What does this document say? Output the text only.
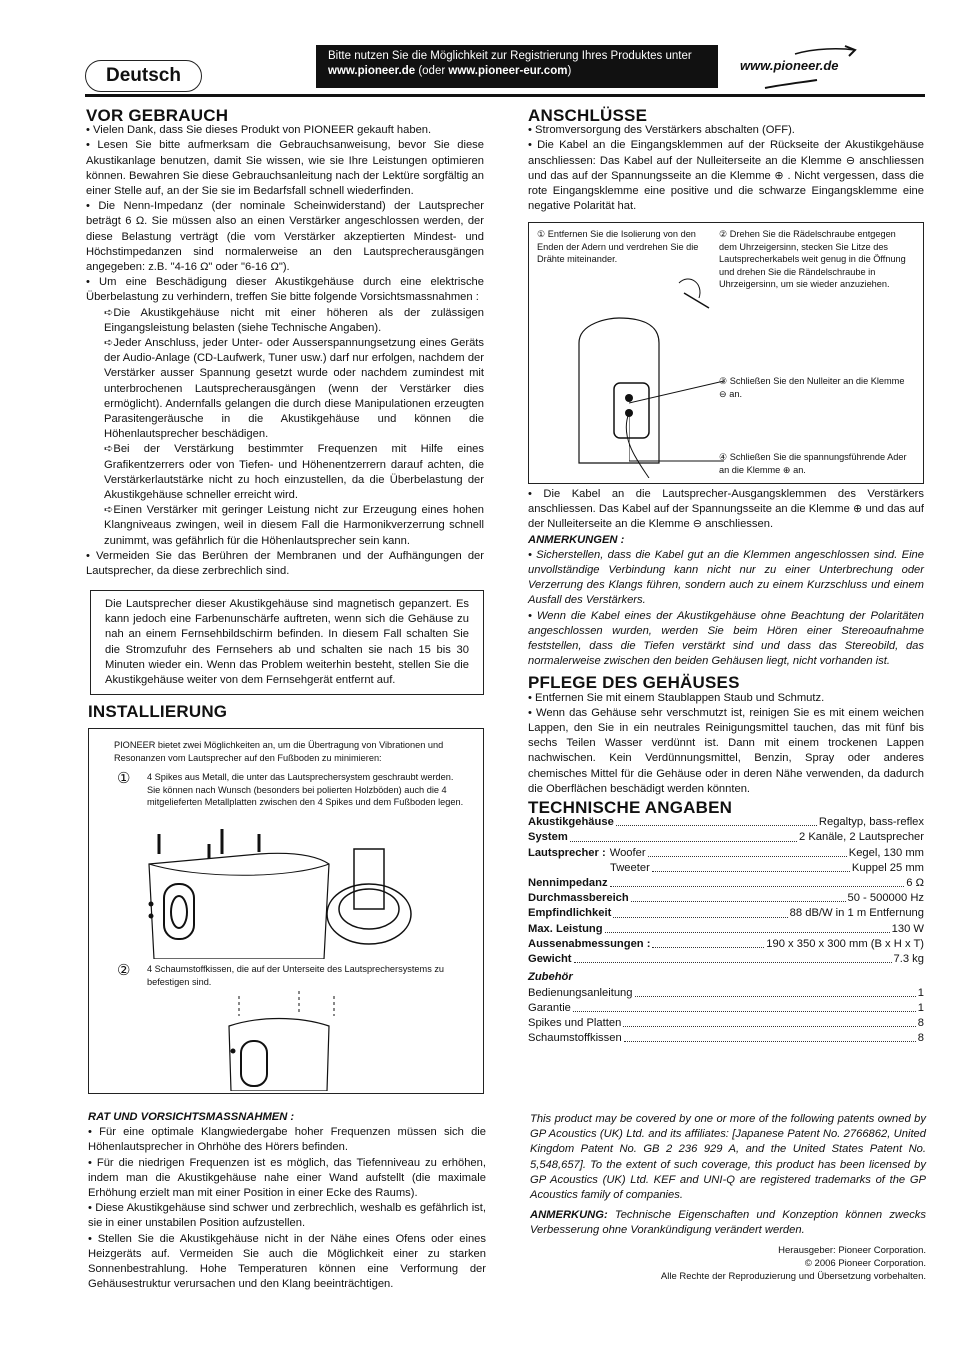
Deutsch
Bitte nutzen Sie die Möglichkeit zur Registrierung Ihres Produktes unter
www.pioneer.de (oder www.pioneer-eur.com)	www.pioneer.de
VOR GEBRAUCH

• Vielen Dank, dass Sie dieses Produkt von PIONEER gekauft haben.

• Lesen Sie bitte aufmerksam die Gebrauchsanweisung, bevor Sie diese Akustikanlage benutzen, damit Sie wissen, wie sie Ihre Leistungen optimieren können. Bewahren Sie diese Gebrauchsanleitung nach der Lektüre sorgfältig an einer Stelle auf, an der Sie sie im Bedarfsfall schnell wiederfinden.

• Die Nenn-Impedanz (der nominale Scheinwiderstand) der Lautsprecher beträgt 6 Ω. Sie müssen also an einen Verstärker angeschlossen werden, der diese Belastung verträgt (die vom Verstärker akzeptierten Mindest- und Höchstimpedanzen sind normalerweise an den Lautsprecherausgängen angegeben: z.B. "4-16 Ω" oder "6-16 Ω").

• Um eine Beschädigung dieser Akustikgehäuse durch eine elektrische Überbelastung zu verhindern, treffen Sie bitte folgende Vorsichtsmassnahmen :

➪Die Akustikgehäuse nicht mit einer höheren als der zulässigen Eingangsleistung belasten (siehe Technische Angaben).

➪Jeder Anschluss, jeder Unter- oder Ausserspannungsetzung eines Geräts der Audio-Anlage (CD-Laufwerk, Tuner usw.) darf nur erfolgen, nachdem der Verstärker ausser Spannung gesetzt wurde oder nachdem zumindest mit unterbrochenen Lautsprecherausgängen (wenn der Verstärker dies ermöglicht). Andernfalls gelangen die durch diese Manipulationen erzeugten Parasitengeräusche in die Akustikgehäuse und können die Höhenlautsprecher beschädigen.

➪Bei der Verstärkung bestimmter Frequenzen mit Hilfe eines Grafikentzerrers oder von Tiefen- und Höhenentzerrern darauf achten, die Verstärkerlautstärke nicht zu hoch einzustellen, da die Überbelastung der Akustikgehäuse schneller erreicht wird.

➪Einen Verstärker mit geringer Leistung nicht zur Erzeugung eines hohen Klangniveaus zwingen, weil in diesem Fall die Harmonikverzerrung schnell zunimmt, was gefährlich für die Höhenlautsprecher sein kann.

• Vermeiden Sie das Berühren der Membranen und der Aufhängungen der Lautsprecher, da diese zerbrechlich sind.

Die Lautsprecher dieser Akustikgehäuse sind magnetisch gepanzert. Es kann jedoch eine Farbenunschärfe auftreten, wenn sich die Gehäuse zu nah an einem Fernsehbildschirm befinden. In diesem Fall schalten Sie die Stromzufuhr des Fernsehers ab und schalten sie nach 15 bis 30 Minuten wieder ein. Wenn das Problem weiterhin besteht, stellen Sie die Akustikgehäuse weiter von dem Fernsehgerät entfernt auf.

INSTALLIERUNG
PIONEER bietet zwei Möglichkeiten an, um die Übertragung von Vibrationen und Resonanzen vom Lautsprecher auf den Fußboden zu minimieren:
① 4 Spikes aus Metall, die unter das Lautsprechersystem geschraubt werden. Sie können nach Wunsch (besonders bei polierten Holzböden) auch die 4 mitgelieferten Metallplatten zwischen den 4 Spikes und dem Fußboden legen.
② 4 Schaumstoffkissen, die auf der Unterseite des Lautsprechersystems zu befestigen sind.

RAT UND VORSICHTSMASSNAHMEN :

• Für eine optimale Klangwiedergabe hoher Frequenzen müssen sich die Höhenlautsprecher in Ohrhöhe des Hörers befinden.

• Für die niedrigen Frequenzen ist es möglich, das Tiefenniveau zu erhöhen, indem man die Akustikgehäuse nahe einer Wand aufstellt (die maximale Erhöhung erzielt man mit einer Position in einer Ecke des Raums).

• Diese Akustikgehäuse sind schwer und zerbrechlich, weshalb es gefährlich ist, sie in einer unstabilen Position aufzustellen.

• Stellen Sie die Akustikgehäuse nicht in der Nähe eines Ofens oder eines Heizgeräts auf. Vermeiden Sie auch die Möglichkeit einer zu starken Sonnenbestrahlung. Hohe Temperaturen können eine Verformung der Gehäusestruktur verursachen und den Klang beeinträchtigen.

ANSCHLÜSSE

• Stromversorgung des Verstärkers abschalten (OFF).

• Die Kabel an die Eingangsklemmen auf der Rückseite der Akustikgehäuse anschliessen: Das Kabel auf der Nulleiterseite an die Klemme ⊖ anschliessen und das auf der Spannungsseite an die Klemme ⊕ . Nicht vergessen, dass die rote Eingangsklemme eine positive und die schwarze Eingangsklemme eine negative Polarität hat.

① Entfernen Sie die Isolierung von den Enden der Adern und verdrehen Sie die Drähte miteinander.
② Drehen Sie die Rädelschraube entgegen dem Uhrzeigersinn, stecken Sie Litze des Lautsprecherkabels weit genug in die Öffnung und drehen Sie die Rändelschraube in Uhrzeigersinn, um sie wieder anzuziehen.
③ Schließen Sie den Nulleiter an die Klemme ⊖ an.
④ Schließen Sie die spannungsführende Ader an die Klemme ⊕ an.

• Die Kabel an die Lautsprecher-Ausgangsklemmen des Verstärkers anschliessen. Das Kabel auf der Spannungsseite an die Klemme ⊕ und das auf der Nulleiterseite an die Klemme ⊖ anschliessen.

ANMERKUNGEN :

• Sicherstellen, dass die Kabel gut an die Klemmen angeschlossen sind. Eine unvollständige Verbindung kann nicht nur zu einer Unterbrechung oder Verzerrung des Klangs führen, sondern auch zu einem Kurzschluss und einem Ausfall des Verstärkers.

• Wenn die Kabel eines der Akustikgehäuse ohne Beachtung der Polaritäten angeschlossen wurden, werden Sie beim Hören einer Stereoaufnahme feststellen, dass die Tiefen verstärkt sind und dass das Stereobild, das normalerweise zwischen den beiden Gehäusen liegt, nicht vorhanden ist.

PFLEGE DES GEHÄUSES

• Entfernen Sie mit einem Staublappen Staub und Schmutz.

• Wenn das Gehäuse sehr verschmutzt ist, reinigen Sie es mit einem weichen Lappen, den Sie in ein neutrales Reinigungsmittel tauchen, das mit fünf bis sechs Teilen Wasser verdünnt ist. Dann mit einem trockenen Lappen nachwischen. Kein Verdünnungsmittel, Benzin, Spray oder anderes chemisches Mittel für die Gehäuse oder in deren Nähe verwenden, da dadurch die Oberflächen beschädigt werden könnten.

TECHNISCHE ANGABEN
Akustikgehäuse	Regaltyp, bass-reflex
System	2 Kanäle, 2 Lautsprecher
Lautsprecher : Woofer	Kegel, 130 mm
Tweeter	Kuppel 25 mm
Nennimpedanz	6 Ω
Durchmassbereich	50 - 500000 Hz
Empfindlichkeit	88 dB/W in 1 m Entfernung
Max. Leistung	130 W
Aussenabmessungen :	190 x 350 x 300 mm (B x H x T)
Gewicht	7.3 kg

Zubehör

Bedienungsanleitung	1
Garantie	1
Spikes und Platten	8
Schaumstoffkissen	8
This product may be covered by one or more of the following patents owned by GP Acoustics (UK) Ltd. and its affiliates: [Japanese Patent No. 2766862, United Kingdom Patent No. GB 2 236 929 A, and the United States Patent No. 5,548,657]. To the extent of such coverage, this product has been licensed by GP Acoustics (UK) Ltd. KEF and UNI-Q are registered trademarks of the GP Acoustics family of companies.
ANMERKUNG: Technische Eigenschaften und Konzeption können zwecks Verbesserung ohne Vorankündigung verändert werden.
Herausgeber: Pioneer Corporation.
© 2006 Pioneer Corporation.
Alle Rechte der Reproduzierung und Übersetzung vorbehalten.
